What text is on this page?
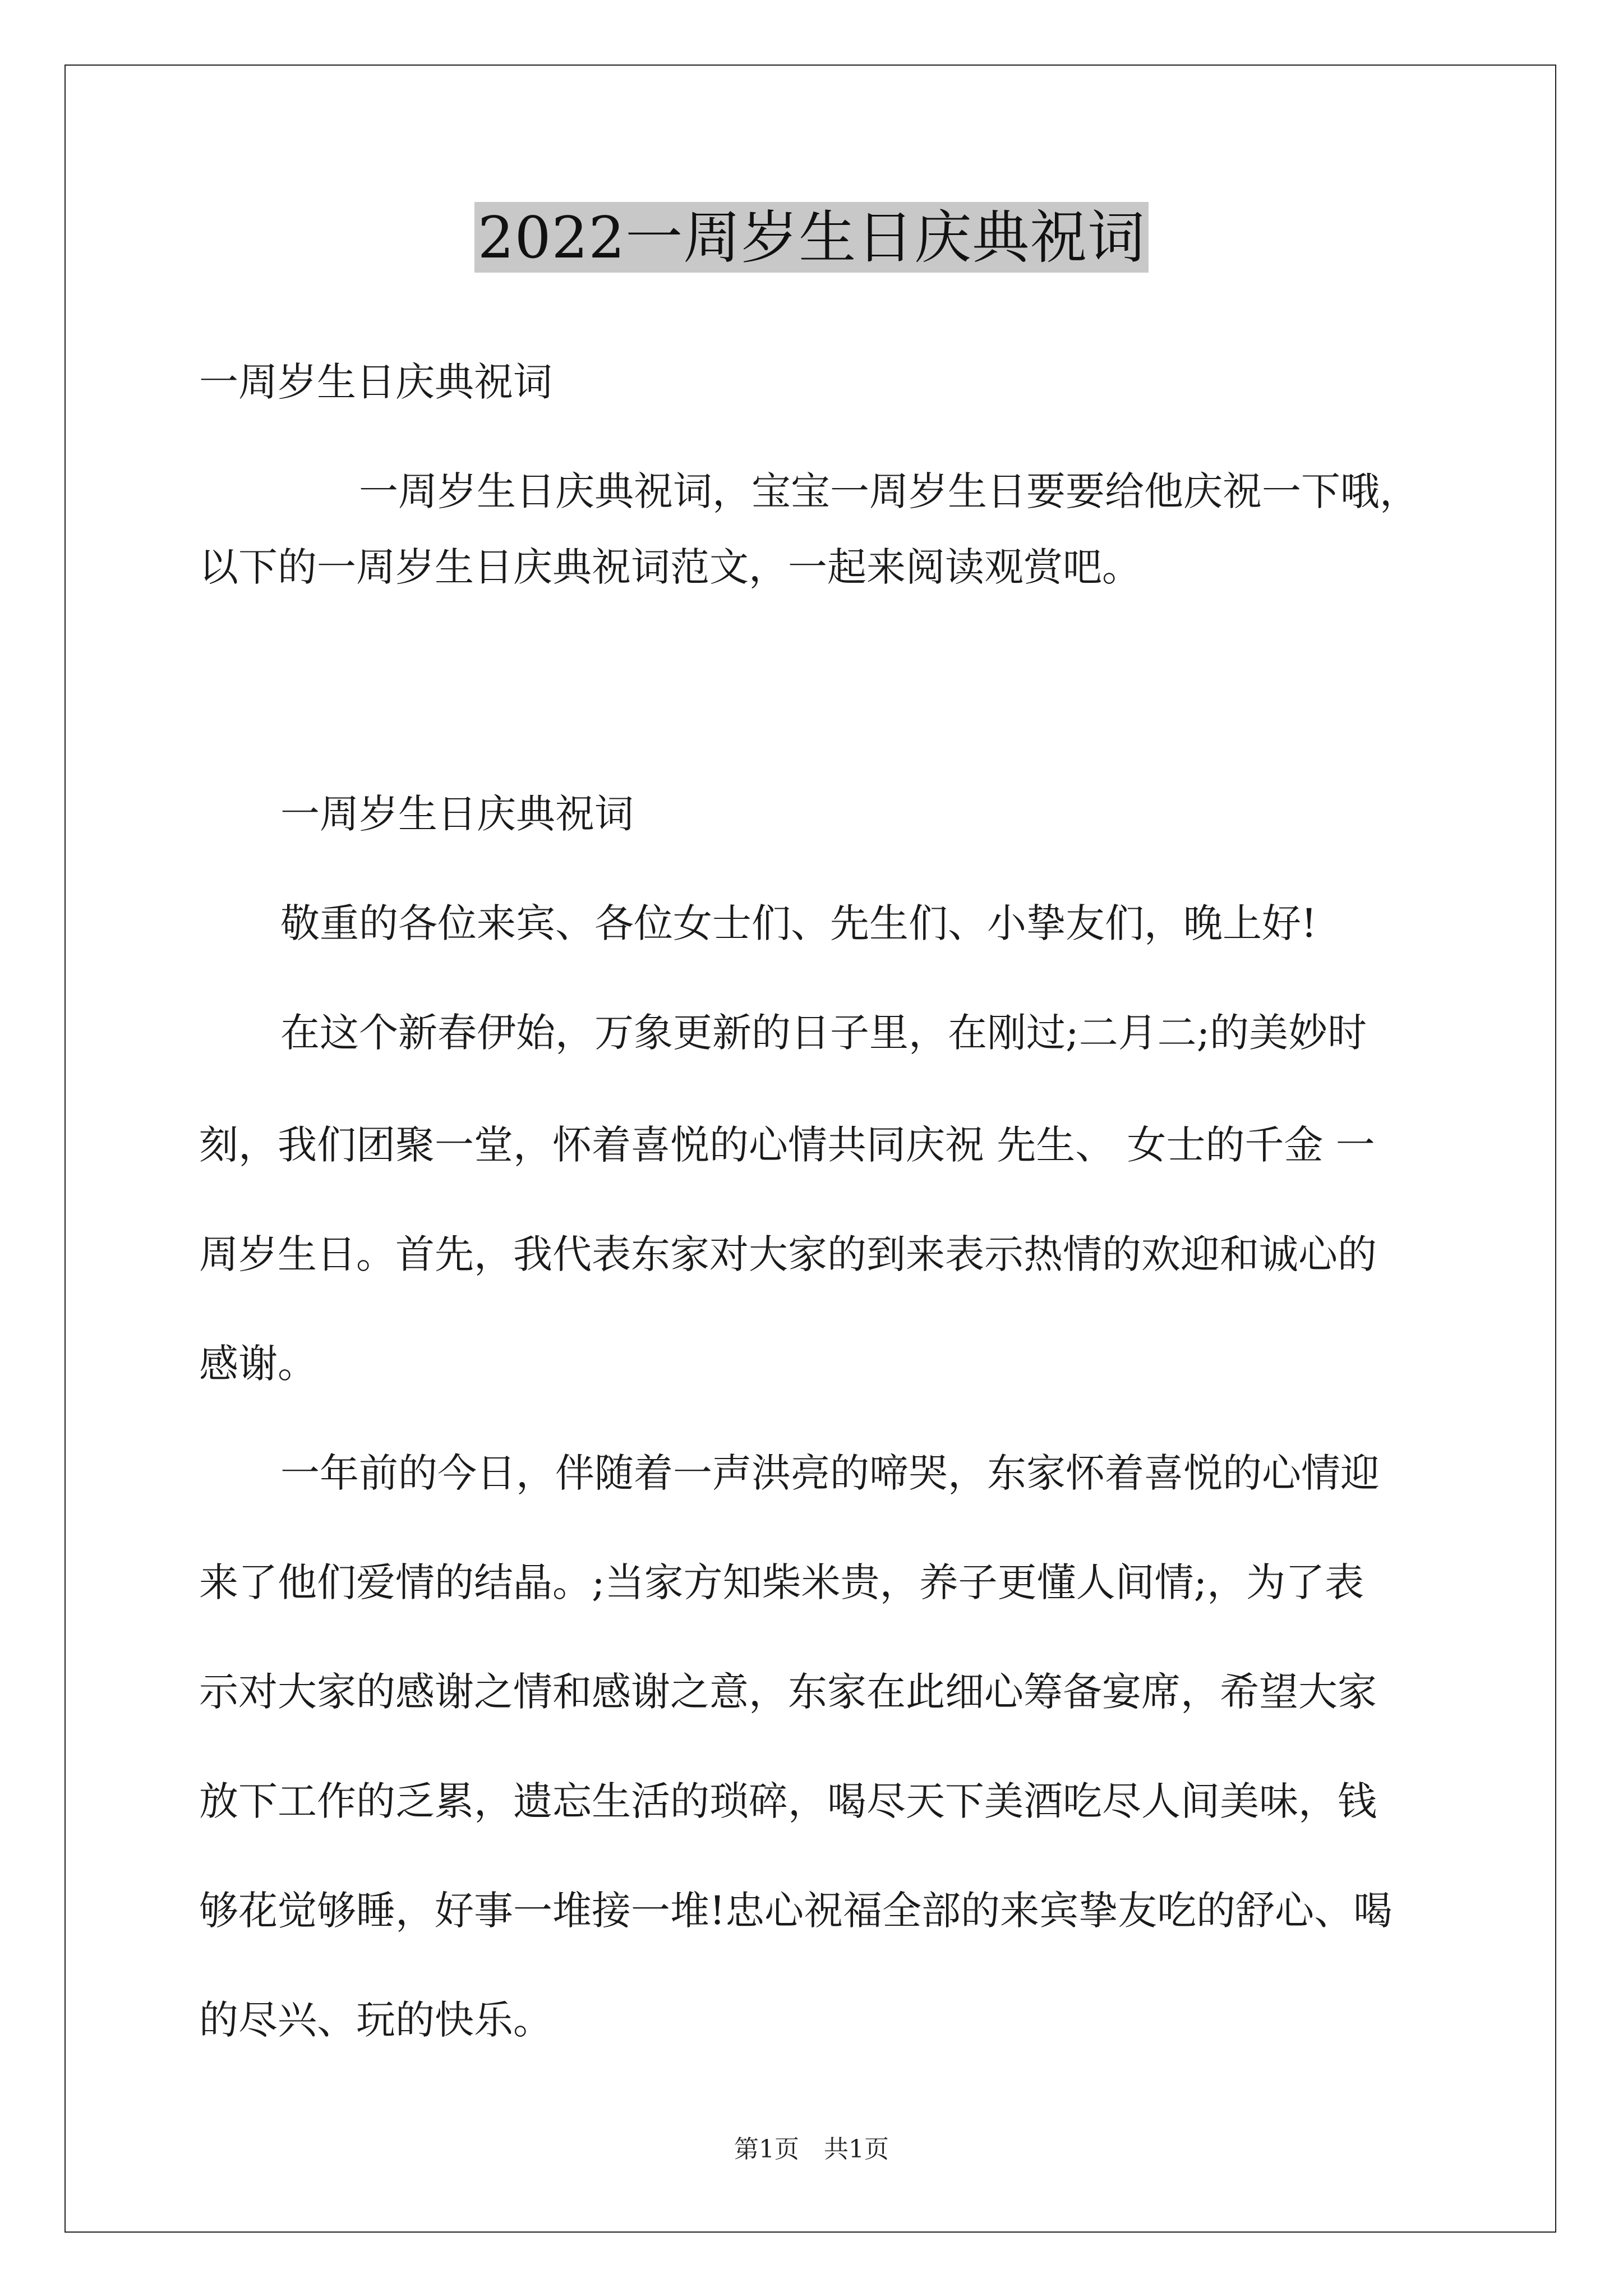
2022一周岁生日庆典祝词
一周岁生日庆典祝词
一周岁生日庆典祝词，宝宝一周岁生日要要给他庆祝一下哦，
以下的一周岁生日庆典祝词范文，一起来阅读观赏吧。
一周岁生日庆典祝词
敬重的各位来宾、各位女士们、先生们、小挚友们，晚上好!
在这个新春伊始，万象更新的日子里，在刚过;二月二;的美妙时
刻，我们团聚一堂，怀着喜悦的心情共同庆祝 先生、 女士的千金 一
周岁生日。首先，我代表东家对大家的到来表示热情的欢迎和诚心的
感谢。
一年前的今日，伴随着一声洪亮的啼哭，东家怀着喜悦的心情迎
来了他们爱情的结晶。;当家方知柴米贵，养子更懂人间情;，为了表
示对大家的感谢之情和感谢之意，东家在此细心筹备宴席，希望大家
放下工作的乏累，遗忘生活的琐碎，喝尽天下美酒吃尽人间美味，钱
够花觉够睡，好事一堆接一堆!忠心祝福全部的来宾挚友吃的舒心、喝
的尽兴、玩的快乐。
第1页　共1页
